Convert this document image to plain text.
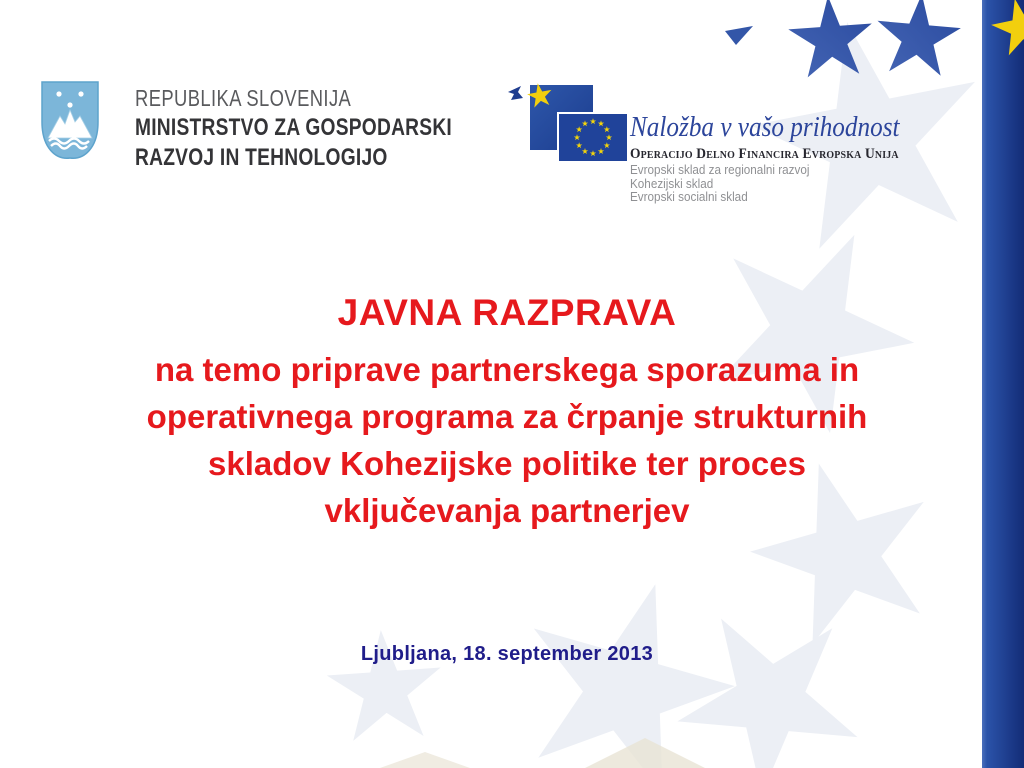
REPUBLIKA SLOVENIJA
MINISTRSTVO ZA GOSPODARSKI
RAZVOJ IN TEHNOLOGIJO
Naložba v vašo prihodnost
Operacijo Delno Financira Evropska Unija
Evropski sklad za regionalni razvoj
Kohezijski sklad
Evropski socialni sklad
JAVNA RAZPRAVA
na temo priprave partnerskega sporazuma in
operativnega programa za črpanje strukturnih
skladov Kohezijske politike ter proces
vključevanja partnerjev
Ljubljana, 18. september 2013
